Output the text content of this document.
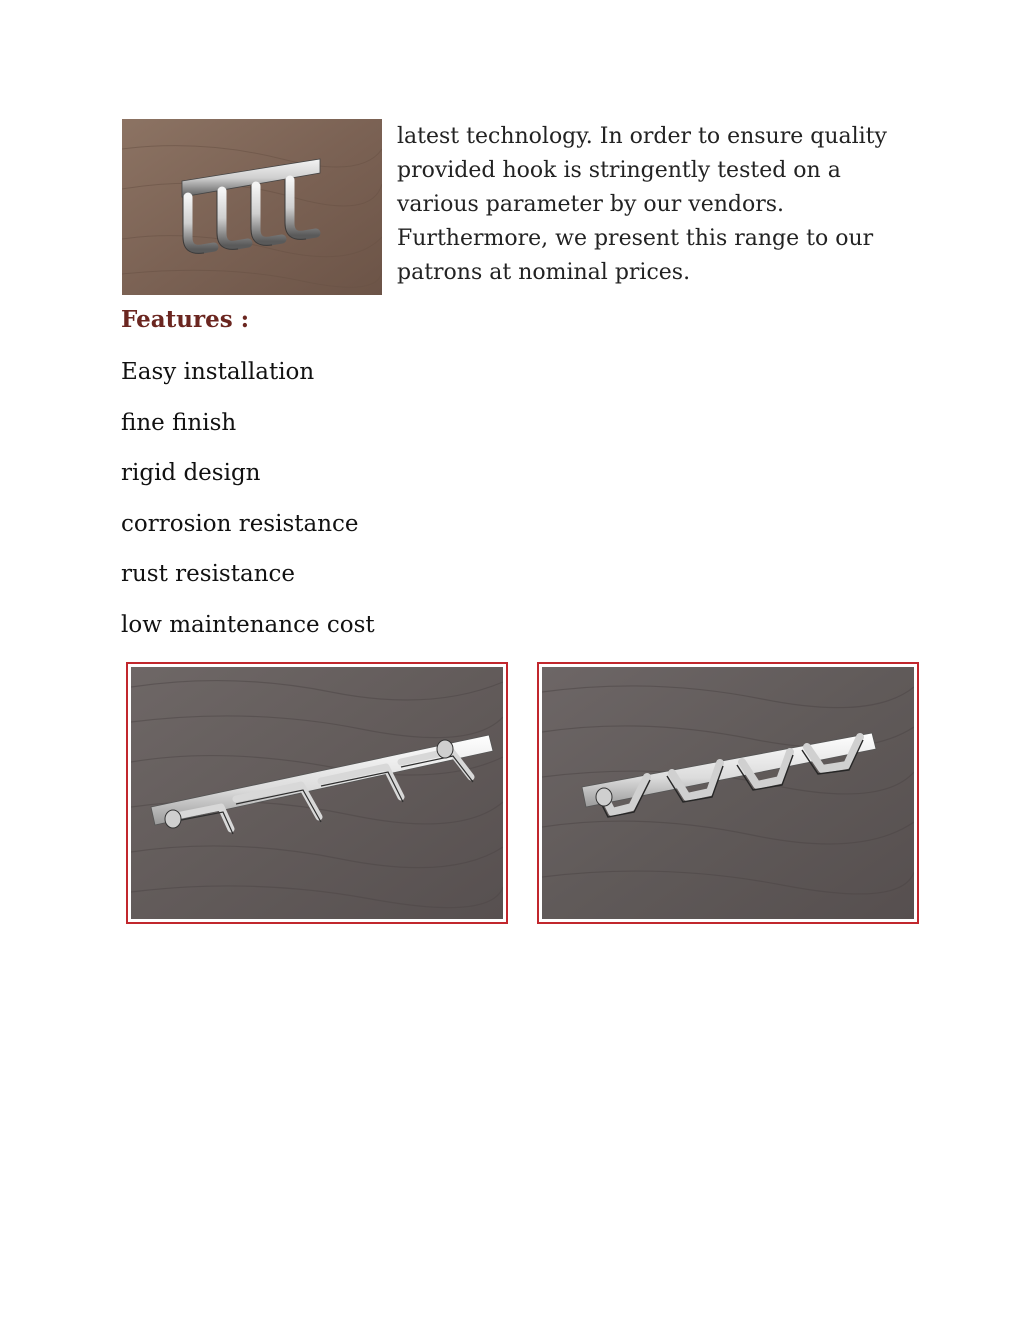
latest technology. In order to ensure quality provided hook is stringently tested on a various parameter by our vendors. Furthermore, we present this range to our patrons at nominal prices.

Features :
Easy installation
fine finish
rigid design
corrosion resistance
rust resistance
low maintenance cost
